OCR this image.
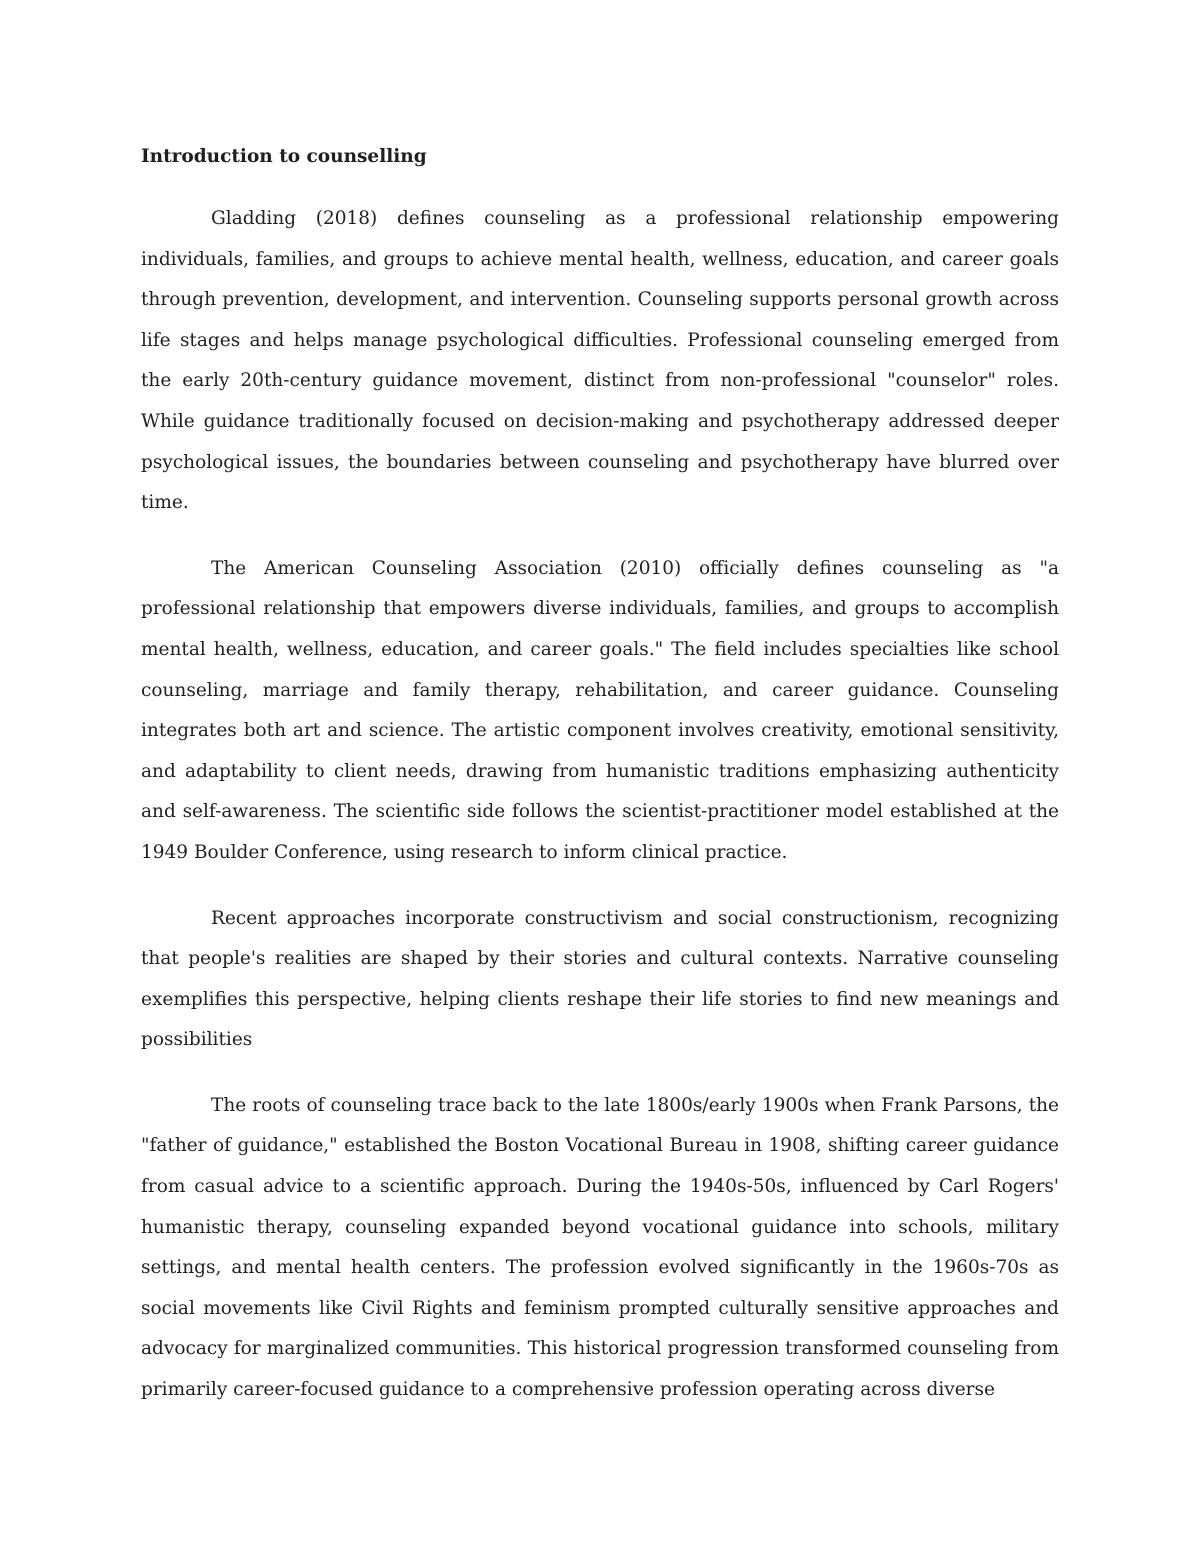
Introduction to counselling

Gladding (2018) defines counseling as a professional relationship empowering individuals, families, and groups to achieve mental health, wellness, education, and career goals through prevention, development, and intervention. Counseling supports personal growth across life stages and helps manage psychological difficulties. Professional counseling emerged from the early 20th-century guidance movement, distinct from non-professional "counselor" roles. While guidance traditionally focused on decision-making and psychotherapy addressed deeper psychological issues, the boundaries between counseling and psychotherapy have blurred over time.

The American Counseling Association (2010) officially defines counseling as "a professional relationship that empowers diverse individuals, families, and groups to accomplish mental health, wellness, education, and career goals." The field includes specialties like school counseling, marriage and family therapy, rehabilitation, and career guidance. Counseling integrates both art and science. The artistic component involves creativity, emotional sensitivity, and adaptability to client needs, drawing from humanistic traditions emphasizing authenticity and self-awareness. The scientific side follows the scientist-practitioner model established at the 1949 Boulder Conference, using research to inform clinical practice.

Recent approaches incorporate constructivism and social constructionism, recognizing that people's realities are shaped by their stories and cultural contexts. Narrative counseling exemplifies this perspective, helping clients reshape their life stories to find new meanings and possibilities

The roots of counseling trace back to the late 1800s/early 1900s when Frank Parsons, the "father of guidance," established the Boston Vocational Bureau in 1908, shifting career guidance from casual advice to a scientific approach. During the 1940s-50s, influenced by Carl Rogers' humanistic therapy, counseling expanded beyond vocational guidance into schools, military settings, and mental health centers. The profession evolved significantly in the 1960s-70s as social movements like Civil Rights and feminism prompted culturally sensitive approaches and advocacy for marginalized communities. This historical progression transformed counseling from primarily career-focused guidance to a comprehensive profession operating across diverse
